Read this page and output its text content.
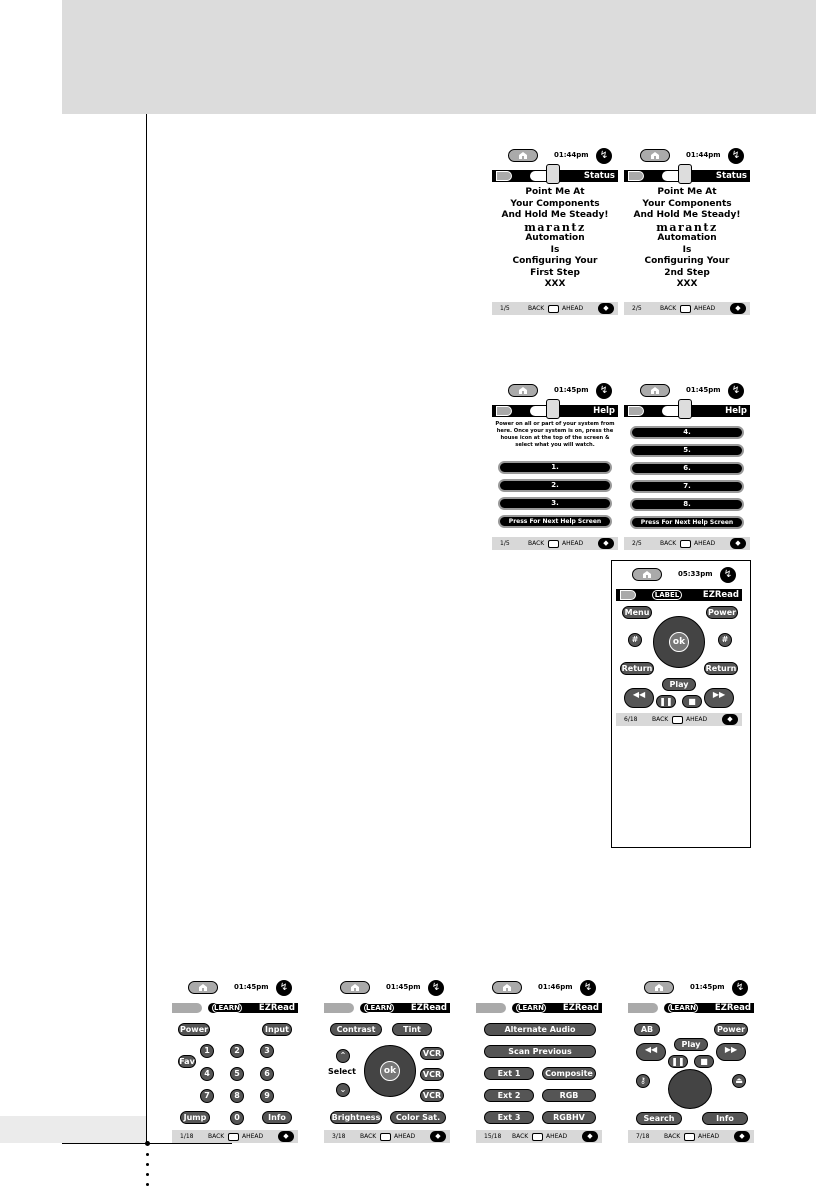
01:44pm	↯
Status
Point Me At
Your Components
And Hold Me Steady!
marantz
Automation
Is
Configuring Your
First Step
XXX
1/5	BACK	AHEAD	◆
01:44pm	↯
Status
Point Me At
Your Components
And Hold Me Steady!
marantz
Automation
Is
Configuring Your
2nd Step
XXX
2/5	BACK	AHEAD	◆
01:45pm	↯
Help
Power on all or part of your system from here. Once your system is on, press the house icon at the top of the screen & select what you will watch.
1.
2.
3.
Press For Next Help Screen
1/5	BACK	AHEAD	◆
01:45pm	↯
Help
4.
5.
6.
7.
8.
Press For Next Help Screen
2/5	BACK	AHEAD	◆
05:33pm	↯
LABEL	EZRead
Menu	Power
#	#
ok
Return	Return
Play
◀◀	▶▶
❚❚	■
6/18 BACK	AHEAD	◆
01:45pm	↯
LEARN EZRead
Power	Input
Fav
1	2	3
4	5	6
7	8	9
Jump	0	Info
1/18 BACK	AHEAD	◆
01:45pm	↯
LEARN EZRead
Contrast	Tint
⌃
Select
⌄
ok
VCR
VCR
VCR
Brightness	Color Sat.
3/18 BACK	AHEAD	◆
01:46pm	↯
LEARN EZRead
Alternate Audio
Scan Previous
Ext 1	Composite
Ext 2	RGB
Ext 3	RGBHV
15/18 BACK	AHEAD	◆
01:45pm	↯
LEARN EZRead
AB	Power
Play
◀◀	▶▶
❚❚	■
⚷	⏏
Search	Info
7/18 BACK	AHEAD	◆
